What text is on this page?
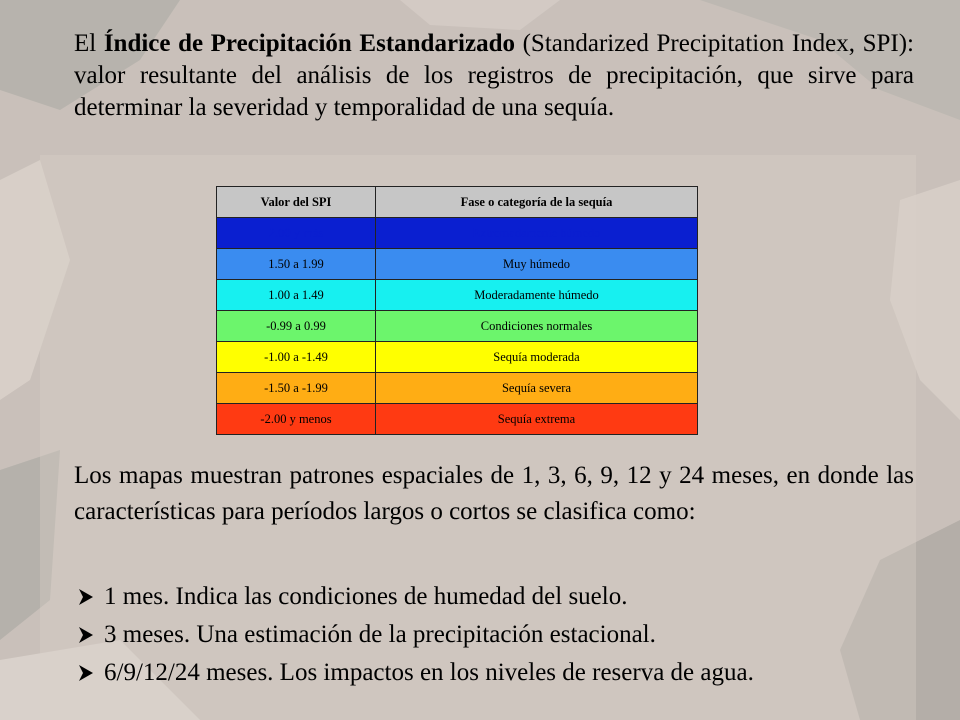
El Índice de Precipitación Estandarizado (Standarized Precipitation Index, SPI): valor resultante del análisis de los registros de precipitación, que sirve para determinar la severidad y temporalidad de una sequía.
Valor del SPI	Fase o categoría de la sequía
2.00 y más	Extremadamente húmedo
1.50 a 1.99	Muy húmedo
1.00 a 1.49	Moderadamente húmedo
-0.99 a 0.99	Condiciones normales
-1.00 a -1.49	Sequía moderada
-1.50 a -1.99	Sequía severa
-2.00 y menos	Sequía extrema
Los mapas muestran patrones espaciales de 1, 3, 6, 9, 12 y 24 meses, en donde las características para períodos largos o cortos se clasifica como:
1 mes. Indica las condiciones de humedad del suelo.
3 meses. Una estimación de la precipitación estacional.
6/9/12/24 meses. Los impactos en los niveles de reserva de agua.
